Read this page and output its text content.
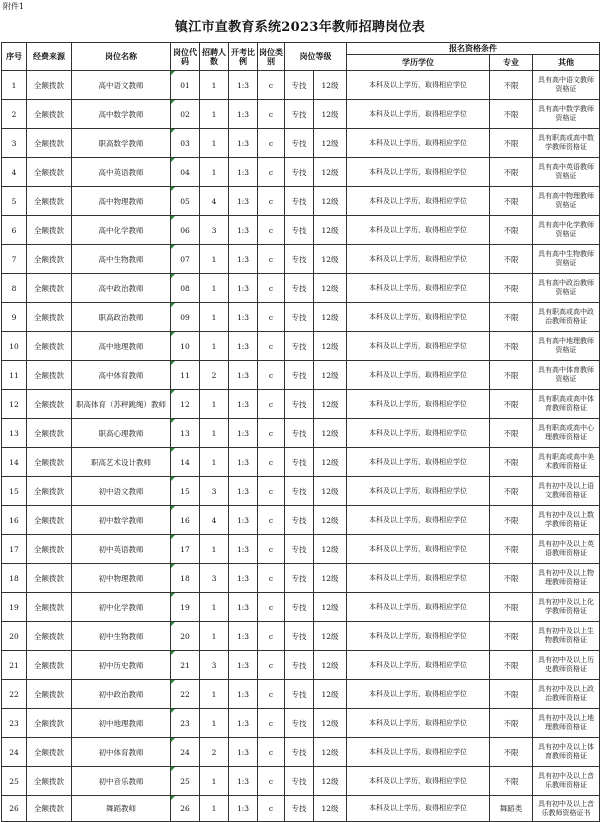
附件1
镇江市直教育系统2023年教师招聘岗位表
序号	经费来源	岗位名称	岗位代码	招聘人数	开考比例	岗位类别	岗位等级		报名资格条件		
									学历学位	专业	其他
1	全额拨款	高中语文教师	01	1	1:3	c	专技	12级	本科及以上学历，取得相应学位	不限	具有高中语文教师资格证
2	全额拨款	高中数学教师	02	1	1:3	c	专技	12级	本科及以上学历，取得相应学位	不限	具有高中数学教师资格证
3	全额拨款	职高数学教师	03	1	1:3	c	专技	12级	本科及以上学历，取得相应学位	不限	具有职高或高中数学教师资格证
4	全额拨款	高中英语教师	04	1	1:3	c	专技	12级	本科及以上学历，取得相应学位	不限	具有高中英语教师资格证
5	全额拨款	高中物理教师	05	4	1:3	c	专技	12级	本科及以上学历，取得相应学位	不限	具有高中物理教师资格证
6	全额拨款	高中化学教师	06	3	1:3	c	专技	12级	本科及以上学历，取得相应学位	不限	具有高中化学教师资格证
7	全额拨款	高中生物教师	07	1	1:3	c	专技	12级	本科及以上学历，取得相应学位	不限	具有高中生物教师资格证
8	全额拨款	高中政治教师	08	1	1:3	c	专技	12级	本科及以上学历，取得相应学位	不限	具有高中政治教师资格证
9	全额拨款	职高政治教师	09	1	1:3	c	专技	12级	本科及以上学历，取得相应学位	不限	具有职高或高中政治教师资格证
10	全额拨款	高中地理教师	10	1	1:3	c	专技	12级	本科及以上学历，取得相应学位	不限	具有高中地理教师资格证
11	全额拨款	高中体育教师	11	2	1:3	c	专技	12级	本科及以上学历，取得相应学位	不限	具有高中体育教师资格证
12	全额拨款	职高体育（苏秤跳绳）教师	12	1	1:3	c	专技	12级	本科及以上学历，取得相应学位	不限	具有职高或高中体育教师资格证
13	全额拨款	职高心理教师	13	1	1:3	c	专技	12级	本科及以上学历，取得相应学位	不限	具有职高或高中心理教师资格证
14	全额拨款	职高艺术设计教师	14	1	1:3	c	专技	12级	本科及以上学历，取得相应学位	不限	具有职高或高中美术教师资格证
15	全额拨款	初中语文教师	15	3	1:3	c	专技	12级	本科及以上学历，取得相应学位	不限	具有初中及以上语文教师资格证
16	全额拨款	初中数学教师	16	4	1:3	c	专技	12级	本科及以上学历，取得相应学位	不限	具有初中及以上数学教师资格证
17	全额拨款	初中英语教师	17	1	1:3	c	专技	12级	本科及以上学历，取得相应学位	不限	具有初中及以上英语教师资格证
18	全额拨款	初中物理教师	18	3	1:3	c	专技	12级	本科及以上学历，取得相应学位	不限	具有初中及以上物理教师资格证
19	全额拨款	初中化学教师	19	1	1:3	c	专技	12级	本科及以上学历，取得相应学位	不限	具有初中及以上化学教师资格证
20	全额拨款	初中生物教师	20	1	1:3	c	专技	12级	本科及以上学历，取得相应学位	不限	具有初中及以上生物教师资格证
21	全额拨款	初中历史教师	21	3	1:3	c	专技	12级	本科及以上学历，取得相应学位	不限	具有初中及以上历史教师资格证
22	全额拨款	初中政治教师	22	1	1:3	c	专技	12级	本科及以上学历，取得相应学位	不限	具有初中及以上政治教师资格证
23	全额拨款	初中地理教师	23	1	1:3	c	专技	12级	本科及以上学历，取得相应学位	不限	具有初中及以上地理教师资格证
24	全额拨款	初中体育教师	24	2	1:3	c	专技	12级	本科及以上学历，取得相应学位	不限	具有初中及以上体育教师资格证
25	全额拨款	初中音乐教师	25	1	1:3	c	专技	12级	本科及以上学历，取得相应学位	不限	具有初中及以上音乐教师资格证
26	全额拨款	舞蹈教师	26	1	1:3	c	专技	12级	本科及以上学历，取得相应学位	舞蹈类	具有初中及以上音乐教师资格证书
